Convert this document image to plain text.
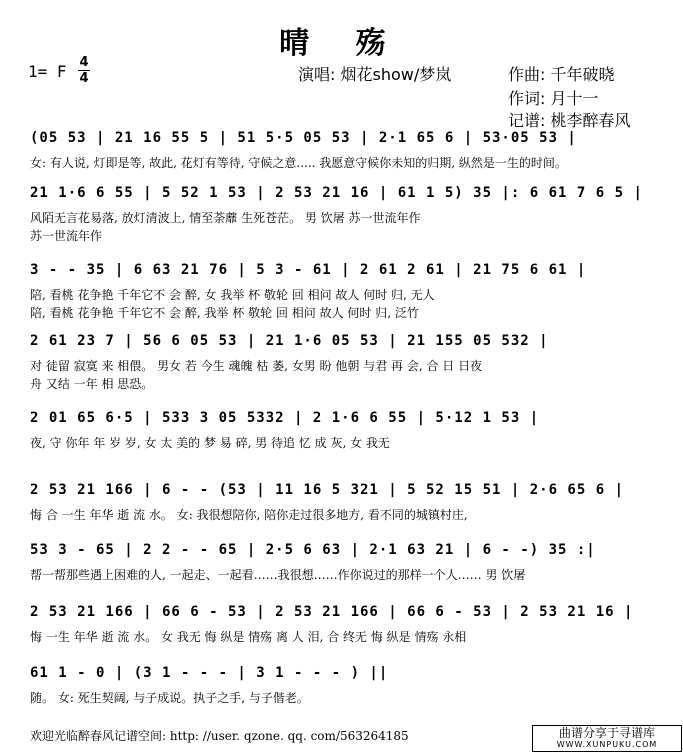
晴 殇
1= F 4
4	演唱: 烟花show/梦岚	作曲: 千年破晓
作词: 月十一
记谱: 桃李醉春风
(05 53 | 21 16 55 5 | 51 5·5 05 53 | 2·1 65 6 | 53·05 53 |
女: 有人说, 灯即是等, 故此, 花灯有等待, 守候之意..... 我愿意守候你未知的归期, 纵然是一生的时间。
21 1·6 6 55 | 5 52 1 53 | 2 53 21 16 | 61 1 5) 35 |: 6 61 7 6 5 |
风陌无言花易落, 放灯清波上, 情至荼蘼 生死苍茫。 男 饮屠 苏一世流年作
苏一世流年作
3 - - 35 | 6 63 21 76 | 5 3 - 61 | 2 61 2 61 | 21 75 6 61 |
陪, 看桃 花争艳 千年它不 会 醉, 女 我举 杯 敬轮 回 相问 故人 何时 归, 无人
陪, 看桃 花争艳 千年它不 会 醉, 我举 杯 敬轮 回 相问 故人 何时 归, 泛竹
2 61 23 7 | 56 6 05 53 | 21 1·6 05 53 | 21 155 05 532 |
对 徒留 寂寞 来 相偎。 男女 若 今生 魂魄 枯 萎, 女男 盼 他朝 与君 再 会, 合 日 日夜
舟 又结 一年 相 思恐。
2 01 65 6·5 | 533 3 05 5332 | 2 1·6 6 55 | 5·12 1 53 |
夜, 守 你年 年 岁 岁, 女 太 美的 梦 易 碎, 男 待追 忆 成 灰, 女 我无
2 53 21 166 | 6 - - (53 | 11 16 5 321 | 5 52 15 51 | 2·6 65 6 |
悔 合 一生 年华 逝 流 水。 女: 我很想陪你, 陪你走过很多地方, 看不同的城镇村庄,
53 3 - 65 | 2 2 - - 65 | 2·5 6 63 | 2·1 63 21 | 6 - -) 35 :|
帮一帮那些遇上困难的人, 一起走、一起看……我很想……作你说过的那样一个人…… 男 饮屠
2 53 21 166 | 66 6 - 53 | 2 53 21 166 | 66 6 - 53 | 2 53 21 16 |
悔 一生 年华 逝 流 水。 女 我无 悔 纵是 情殇 离 人 泪, 合 终无 悔 纵是 情殇 永相
61 1 - 0 | (3 1 - - - | 3 1 - - - ) ||
随。 女: 死生契阔, 与子成说。执子之手, 与子偕老。
欢迎光临醉春风记谱空间: http: //user. qzone. qq. com/563264185	曲谱分享于寻谱库
WWW.XUNPUKU.COM
